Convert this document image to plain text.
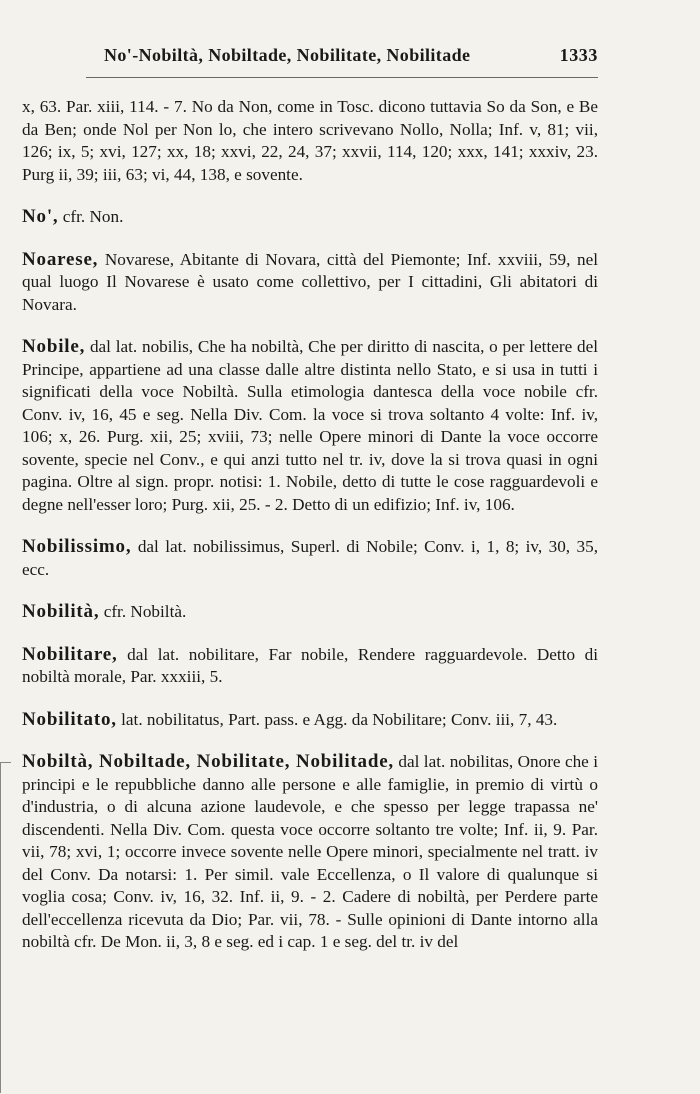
No'-Nobiltà, Nobiltade, Nobilitate, Nobilitade	1333

x, 63. Par. xiii, 114. - 7. No da Non, come in Tosc. dicono tuttavia So da Son, e Be da Ben; onde Nol per Non lo, che intero scrivevano Nollo, Nolla; Inf. v, 81; vii, 126; ix, 5; xvi, 127; xx, 18; xxvi, 22, 24, 37; xxvii, 114, 120; xxx, 141; xxxiv, 23. Purg ii, 39; iii, 63; vi, 44, 138, e sovente.

No', cfr. Non.

Noarese, Novarese, Abitante di Novara, città del Piemonte; Inf. xxviii, 59, nel qual luogo Il Novarese è usato come collettivo, per I cittadini, Gli abitatori di Novara.

Nobile, dal lat. nobilis, Che ha nobiltà, Che per diritto di nascita, o per lettere del Principe, appartiene ad una classe dalle altre distinta nello Stato, e si usa in tutti i significati della voce Nobiltà. Sulla etimologia dantesca della voce nobile cfr. Conv. iv, 16, 45 e seg. Nella Div. Com. la voce si trova soltanto 4 volte: Inf. iv, 106; x, 26. Purg. xii, 25; xviii, 73; nelle Opere minori di Dante la voce occorre sovente, specie nel Conv., e qui anzi tutto nel tr. iv, dove la si trova quasi in ogni pagina. Oltre al sign. propr. notisi: 1. Nobile, detto di tutte le cose ragguardevoli e degne nell'esser loro; Purg. xii, 25. - 2. Detto di un edifizio; Inf. iv, 106.

Nobilissimo, dal lat. nobilissimus, Superl. di Nobile; Conv. i, 1, 8; iv, 30, 35, ecc.

Nobilità, cfr. Nobiltà.

Nobilitare, dal lat. nobilitare, Far nobile, Rendere ragguardevole. Detto di nobiltà morale, Par. xxxiii, 5.

Nobilitato, lat. nobilitatus, Part. pass. e Agg. da Nobilitare; Conv. iii, 7, 43.

Nobiltà, Nobiltade, Nobilitate, Nobilitade, dal lat. nobilitas, Onore che i principi e le repubbliche danno alle persone e alle famiglie, in premio di virtù o d'industria, o di alcuna azione laudevole, e che spesso per legge trapassa ne' discendenti. Nella Div. Com. questa voce occorre soltanto tre volte; Inf. ii, 9. Par. vii, 78; xvi, 1; occorre invece sovente nelle Opere minori, specialmente nel tratt. iv del Conv. Da notarsi: 1. Per simil. vale Eccellenza, o Il valore di qualunque si voglia cosa; Conv. iv, 16, 32. Inf. ii, 9. - 2. Cadere di nobiltà, per Perdere parte dell'eccellenza ricevuta da Dio; Par. vii, 78. - Sulle opinioni di Dante intorno alla nobiltà cfr. De Mon. ii, 3, 8 e seg. ed i cap. 1 e seg. del tr. iv del
